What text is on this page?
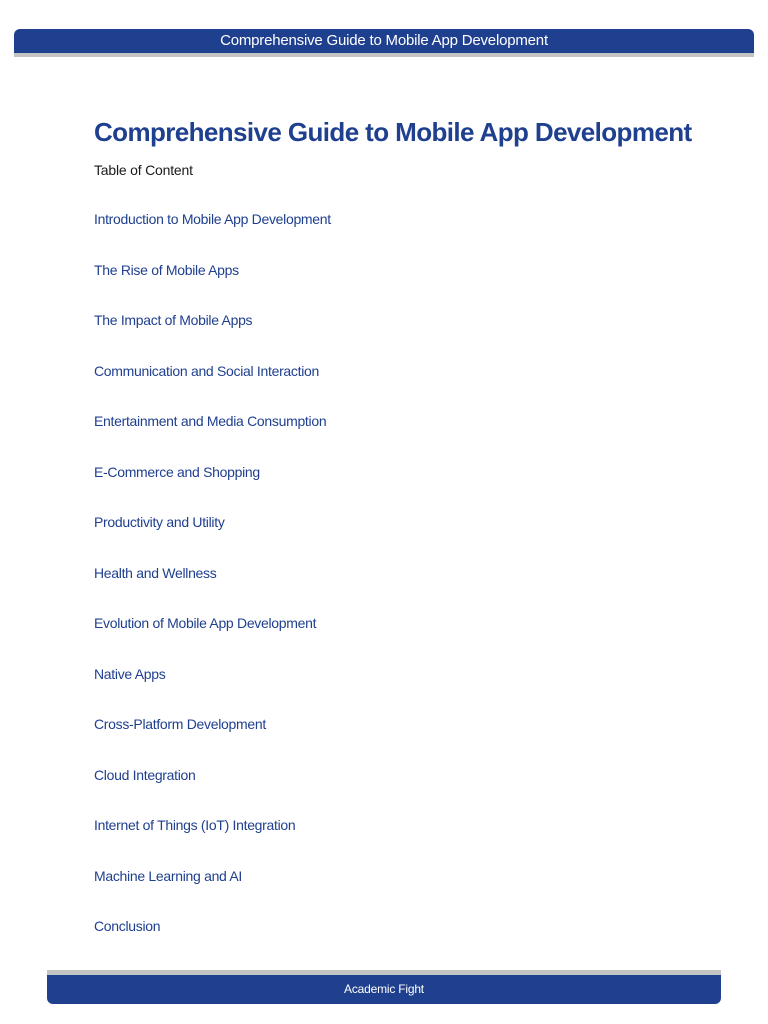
Comprehensive Guide to Mobile App Development
Comprehensive Guide to Mobile App Development
Table of Content
Introduction to Mobile App Development
The Rise of Mobile Apps
The Impact of Mobile Apps
Communication and Social Interaction
Entertainment and Media Consumption
E-Commerce and Shopping
Productivity and Utility
Health and Wellness
Evolution of Mobile App Development
Native Apps
Cross-Platform Development
Cloud Integration
Internet of Things (IoT) Integration
Machine Learning and AI
Conclusion
Academic Fight
